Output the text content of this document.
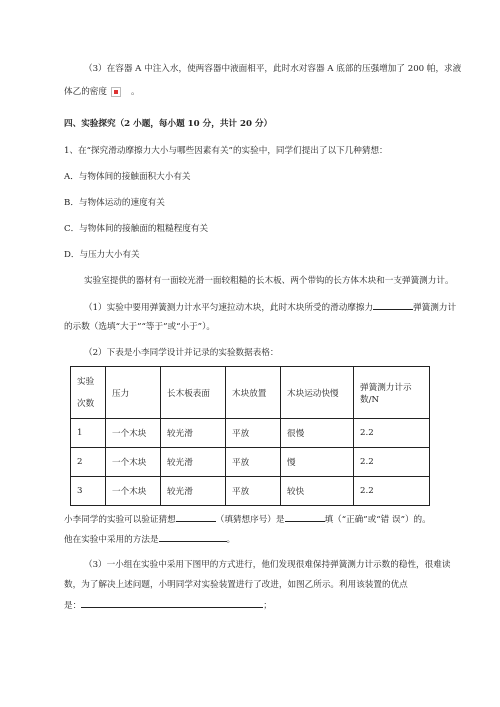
（3）在容器 A 中注入水，使两容器中液面相平，此时水对容器 A 底部的压强增加了 200 帕，求液
体乙的密度	。
四、实验探究（2 小题，每小题 10 分，共计 20 分）
1、在“探究滑动摩擦力大小与哪些因素有关”的实验中，同学们提出了以下几种猜想：
A．与物体间的接触面积大小有关
B．与物体运动的速度有关
C．与物体间的接触面的粗糙程度有关
D．与压力大小有关
实验室提供的器材有一面较光滑一面较粗糙的长木板、两个带钩的长方体木块和一支弹簧测力计。
（1）实验中要用弹簧测力计水平匀速拉动木块，此时木块所受的滑动摩擦力	弹簧测力计
的示数（选填“大于”“等于”或“小于”）。
（2）下表是小李同学设计并记录的实验数据表格：
实验
次数	压力	长木板表面	木块放置	木块运动快慢	弹簧测力计示数/N
1	一个木块	较光滑	平放	很慢	2.2
2	一个木块	较光滑	平放	慢	2.2
3	一个木块	较光滑	平放	较快	2.2
小李同学的实验可以验证猜想	（填猜想序号）是	填（“正确”或“错 误”）的。
他在实验中采用的方法是	。
（3）一小组在实验中采用下图甲的方式进行，他们发现很难保持弹簧测力计示数的稳性，很难读
数，为了解决上述问题，小明同学对实验装置进行了改进，如图乙所示。利用该装置的优点
是：	；
